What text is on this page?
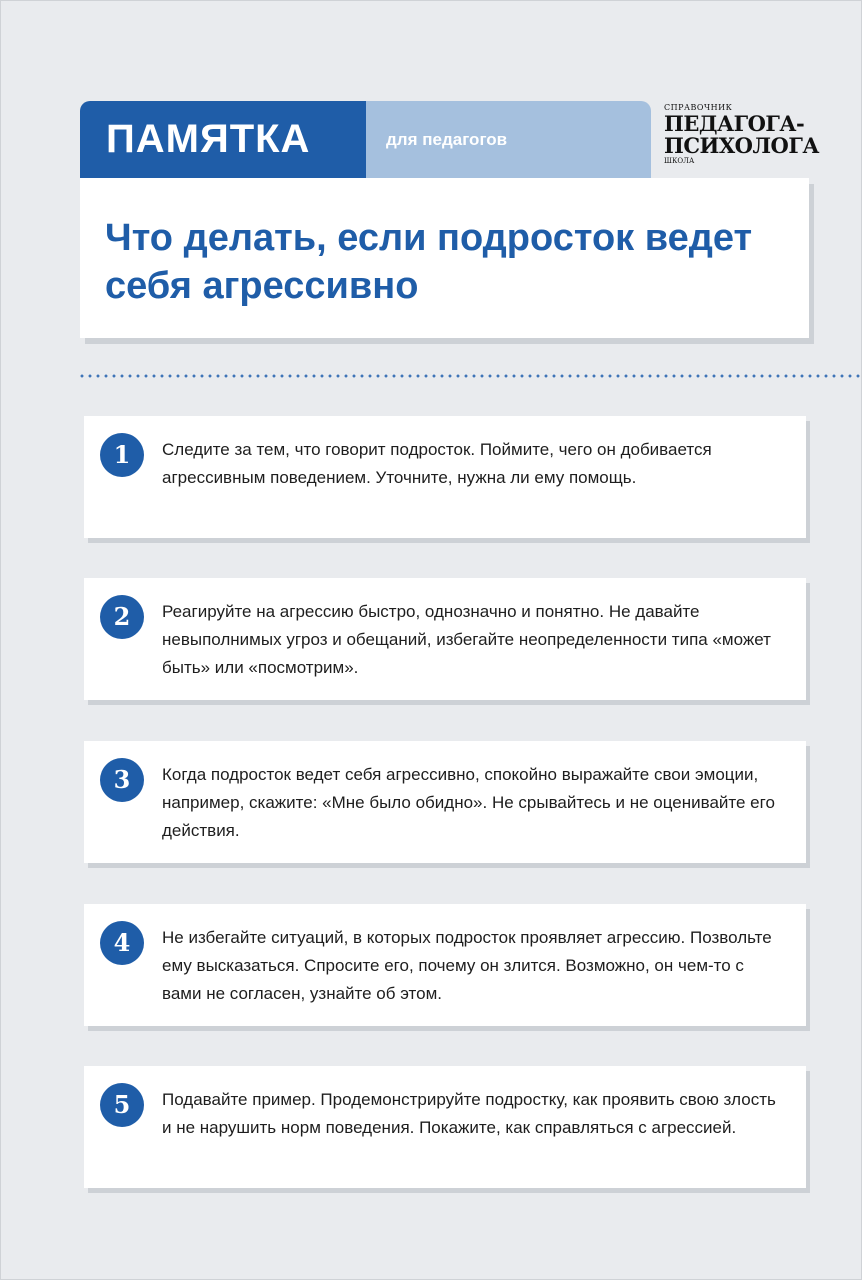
ПАМЯТКА	для педагогов
СПРАВОЧНИК
ПЕДАГОГА-
ПСИХОЛОГА
ШКОЛА
Что делать, если подросток ведет себя агрессивно
1	Следите за тем, что говорит подросток. Поймите, чего он добивается агрессивным поведением. Уточните, нужна ли ему помощь.

2	Реагируйте на агрессию быстро, однозначно и понятно. Не давайте невыполнимых угроз и обещаний, избегайте неопределенности типа «может быть» или «посмотрим».

3	Когда подросток ведет себя агрессивно, спокойно выражайте свои эмоции, например, скажите: «Мне было обидно». Не срывайтесь и не оценивайте его действия.

4	Не избегайте ситуаций, в которых подросток проявляет агрессию. Позвольте ему высказаться. Спросите его, почему он злится. Возможно, он чем-то с вами не согласен, узнайте об этом.

5	Подавайте пример. Продемонстрируйте подростку, как проявить свою злость и не нарушить норм поведения. Покажите, как справляться с агрессией.
